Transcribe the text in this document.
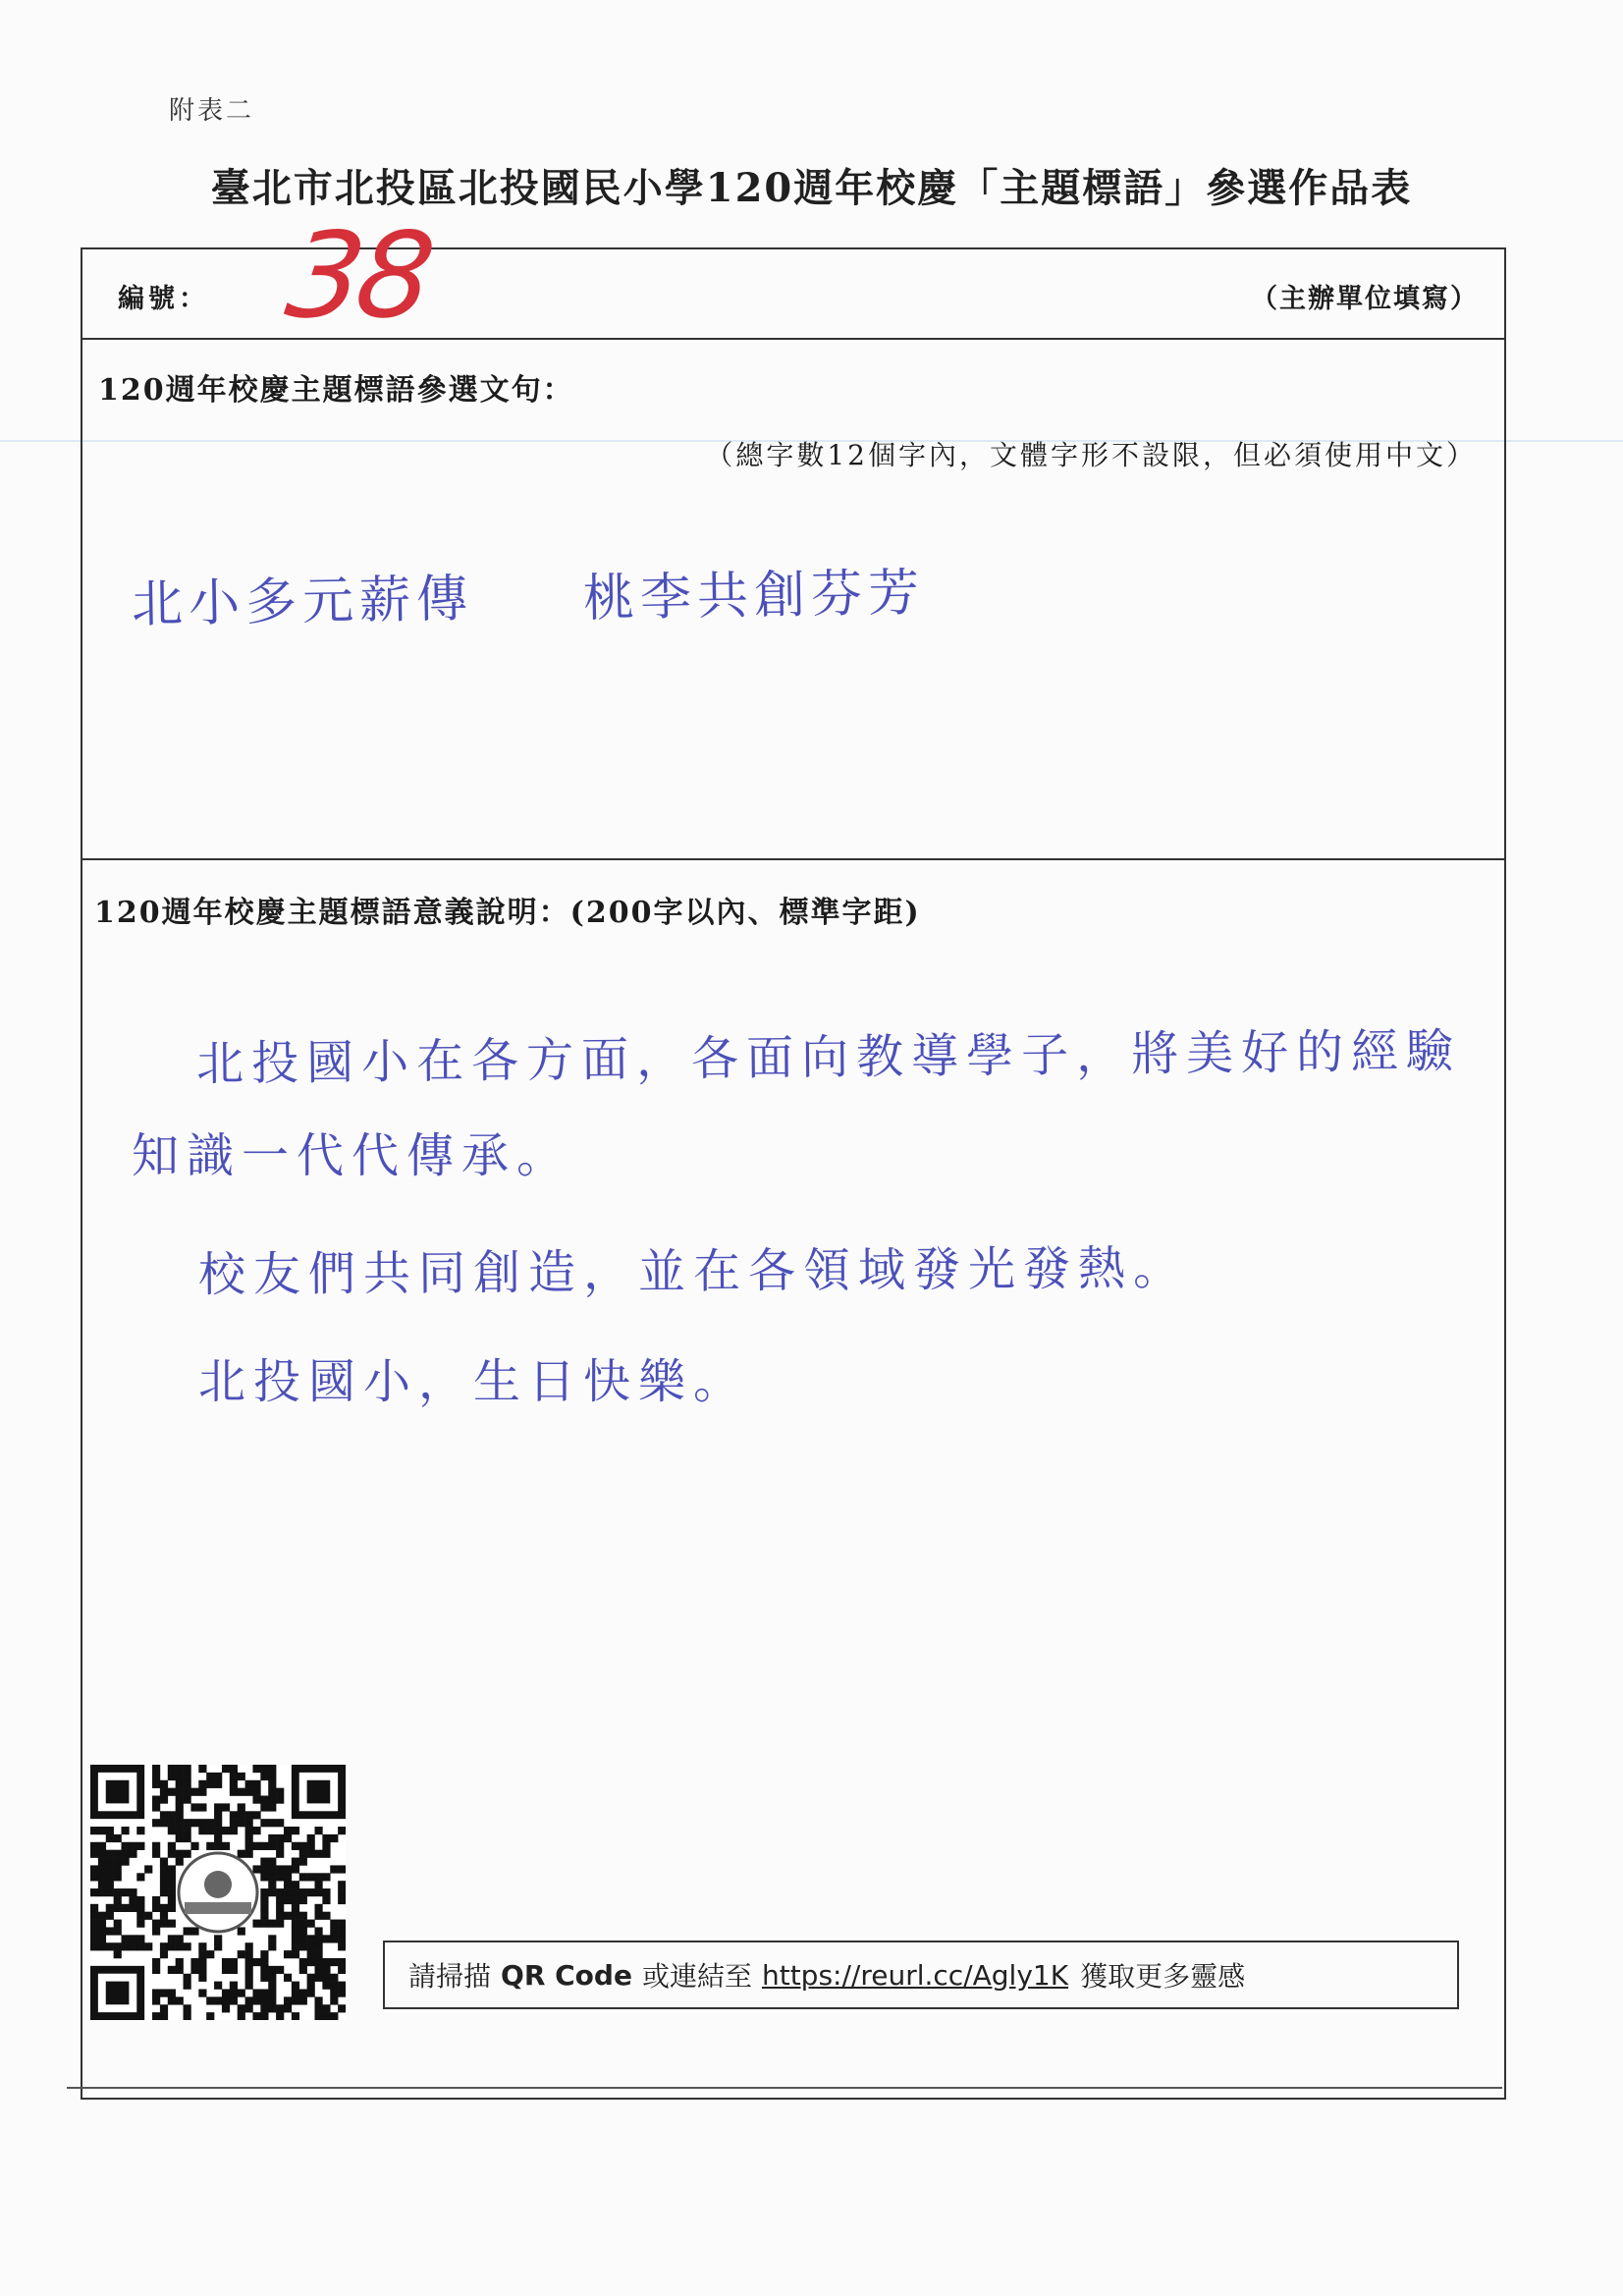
附表二
臺北市北投區北投國民小學120週年校慶「主題標語」參選作品表
編號： 38	（主辦單位填寫）
120週年校慶主題標語參選文句：
（總字數12個字內，文體字形不設限，但必須使用中文）
北小多元薪傳 桃李共創芬芳
120週年校慶主題標語意義說明：(200字以內、標準字距)
北投國小在各方面，各面向教導學子，將美好的經驗
知識一代代傳承。
校友們共同創造，並在各領域發光發熱。
北投國小，生日快樂。
請掃描 QR Code 或連結至 https://reurl.cc/Agly1K 獲取更多靈感
